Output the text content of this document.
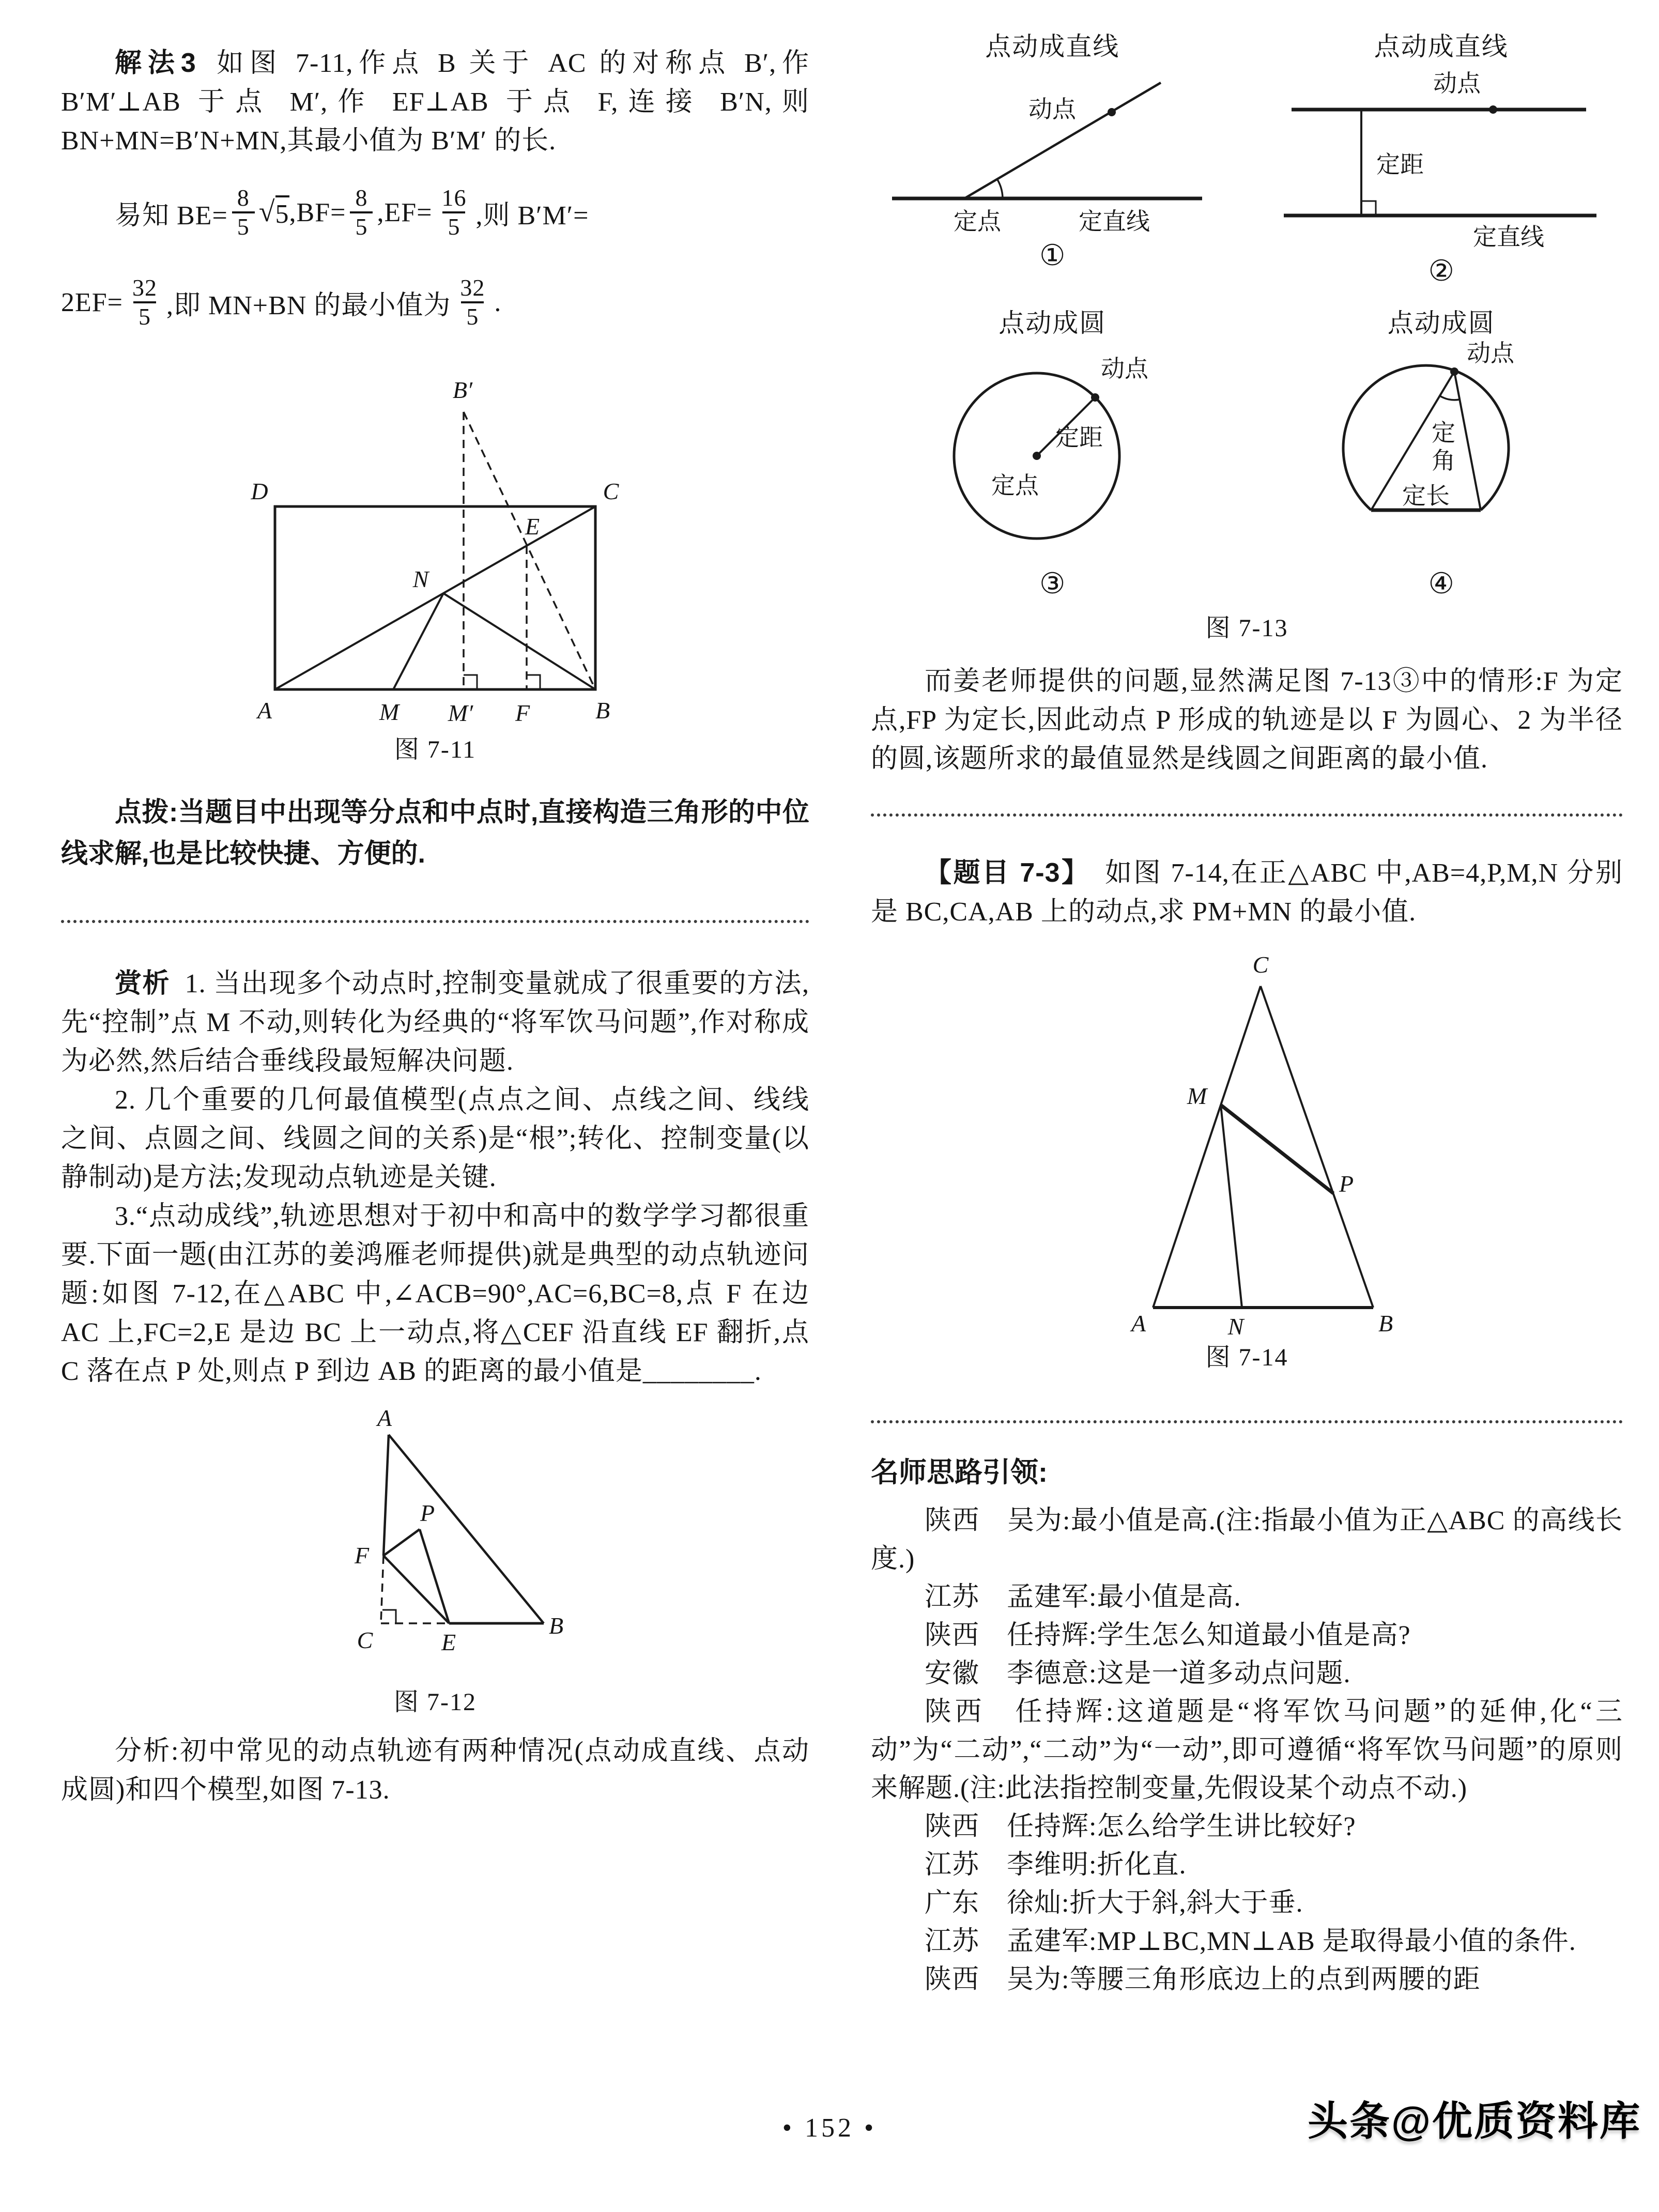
解法3 如图 7-11,作点 B 关于 AC 的对称点 B′,作 B′M′⊥AB 于点 M′,作 EF⊥AB 于点 F,连接 B′N,则 BN+MN=B′N+MN,其最小值为 B′M′ 的长.

易知 $BE= \frac{8}{5}$ √ 5 $,BF= \frac{8}{5} ,EF= \frac{16}{5}$ ,则 B′M′=
$2EF= \frac{32}{5}$ ,即 MN+BN 的最小值为 $\frac{32}{5}$ .
B′
D	C
E
N
A	M M′ F	B
图 7-11

点拨:当题目中出现等分点和中点时,直接构造三角形的中位线求解,也是比较快捷、方便的.

赏析 1. 当出现多个动点时,控制变量就成了很重要的方法,先“控制”点 M 不动,则转化为经典的“将军饮马问题”,作对称成为必然,然后结合垂线段最短解决问题.

2. 几个重要的几何最值模型(点点之间、点线之间、线线之间、点圆之间、线圆之间的关系)是“根”;转化、控制变量(以静制动)是方法;发现动点轨迹是关键.

3.“点动成线”,轨迹思想对于初中和高中的数学学习都很重要.下面一题(由江苏的姜鸿雁老师提供)就是典型的动点轨迹问题:如图 7-12,在△ABC 中,∠ACB=90°,AC=6,BC=8,点 F 在边 AC 上,FC=2,E 是边 BC 上一动点,将△CEF 沿直线 EF 翻折,点 C 落在点 P 处,则点 P 到边 AB 的距离的最小值是________.

A
P
F
C	E
B
图 7-12

分析:初中常见的动点轨迹有两种情况(点动成直线、点动成圆)和四个模型,如图 7-13.

点动成直线
动点
定点	定直线
①
点动成直线
动点
定距
定直线
②
点动成圆
动点
定距
定点
③
点动成圆
动点
定
角
定长
④
图 7-13

而姜老师提供的问题,显然满足图 7-13③中的情形:F 为定点,FP 为定长,因此动点 P 形成的轨迹是以 F 为圆心、2 为半径的圆,该题所求的最值显然是线圆之间距离的最小值.

【题目 7-3】 如图 7-14,在正△ABC 中,AB=4,P,M,N 分别是 BC,CA,AB 上的动点,求 PM+MN 的最小值.

C
M
P
A	N	B
图 7-14

名师思路引领:

陕西　吴为:最小值是高.(注:指最小值为正△ABC 的高线长度.)

江苏　孟建军:最小值是高.

陕西　任持辉:学生怎么知道最小值是高?

安徽　李德意:这是一道多动点问题.

陕西　任持辉:这道题是“将军饮马问题”的延伸,化“三动”为“二动”,“二动”为“一动”,即可遵循“将军饮马问题”的原则来解题.(注:此法指控制变量,先假设某个动点不动.)

陕西　任持辉:怎么给学生讲比较好?

江苏　李维明:折化直.

广东　徐灿:折大于斜,斜大于垂.

江苏　孟建军:MP⊥BC,MN⊥AB 是取得最小值的条件.

陕西　吴为:等腰三角形底边上的点到两腰的距

• 152 •	头条@优质资料库
